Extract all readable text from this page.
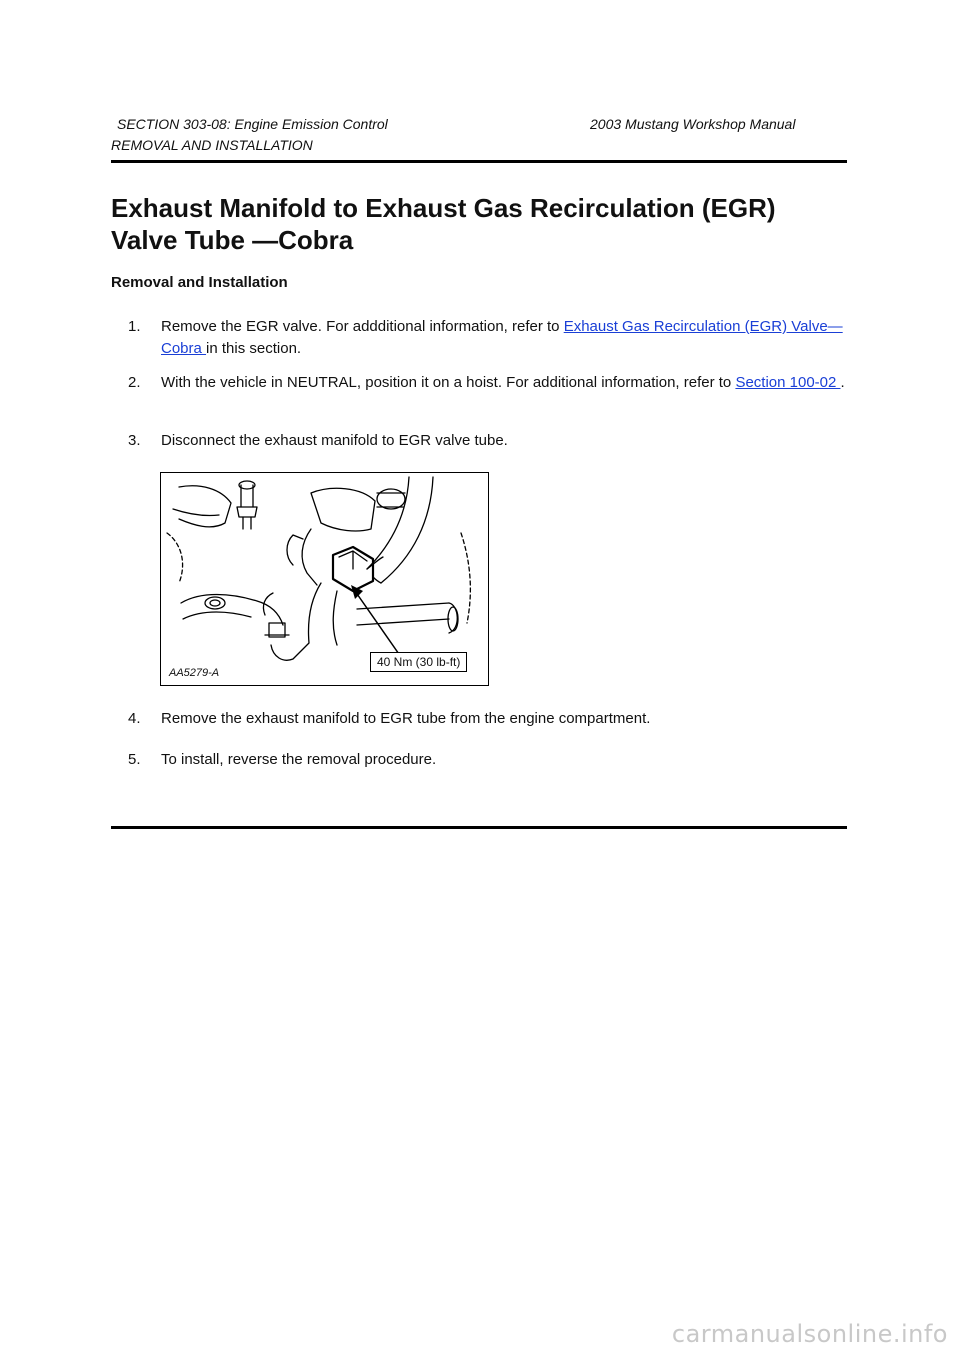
SECTION 303-08: Engine Emission Control	2003 Mustang Workshop Manual
REMOVAL AND INSTALLATION
Exhaust Manifold to Exhaust Gas Recirculation (EGR) Valve Tube —Cobra
Removal and Installation
1. Remove the EGR valve. For addditional information, refer to Exhaust Gas Recirculation (EGR) Valve—Cobra in this section.
2. With the vehicle in NEUTRAL, position it on a hoist. For additional information, refer to Section 100-02 .
3. Disconnect the exhaust manifold to EGR valve tube.
AA5279-A
40 Nm (30 lb-ft)
4. Remove the exhaust manifold to EGR tube from the engine compartment.
5. To install, reverse the removal procedure.
carmanualsonline.info
